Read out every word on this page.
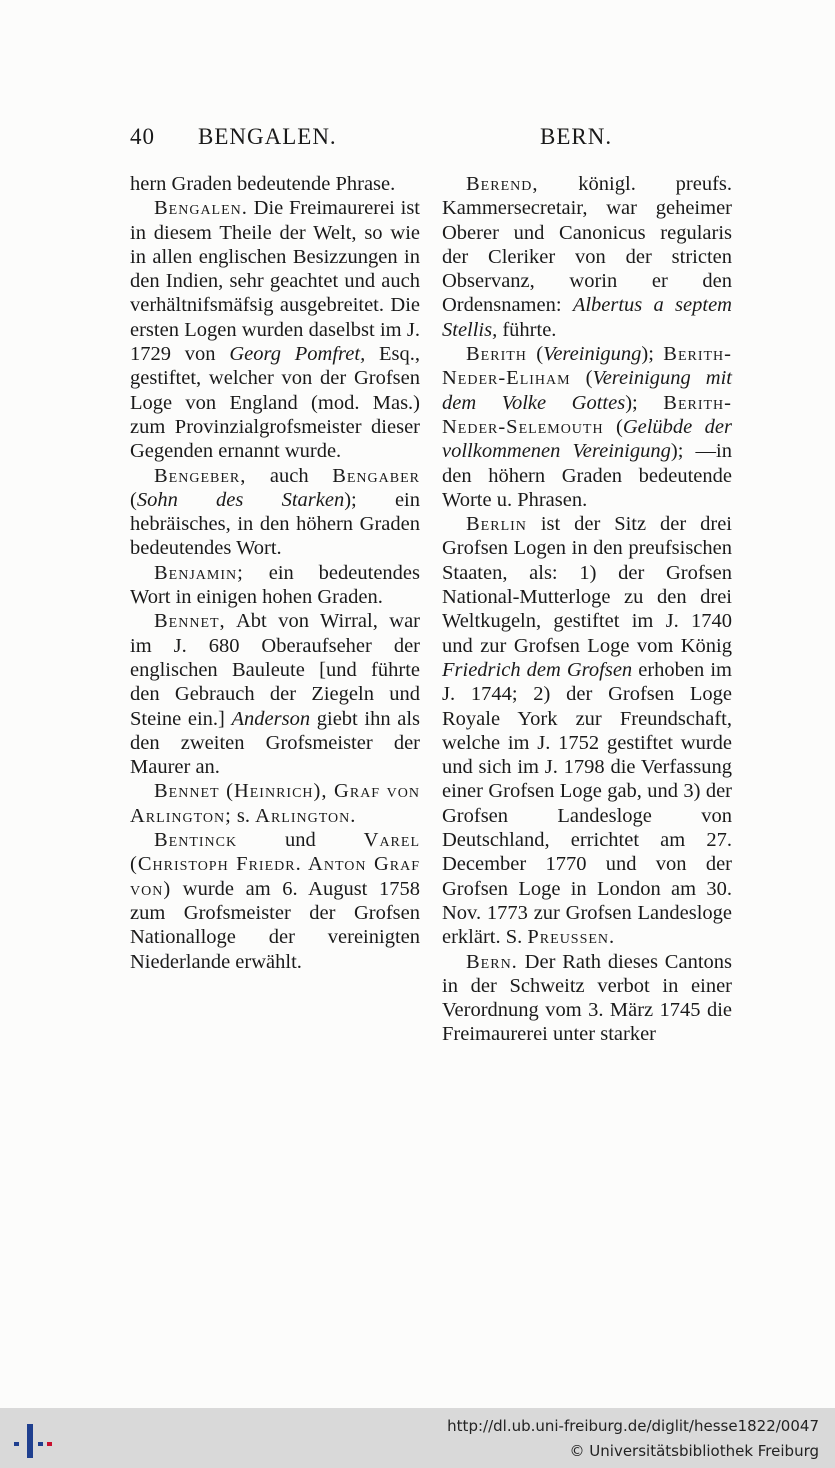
40 BENGALEN.	BERN.

hern Graden bedeutende Phrase.

Bengalen. Die Freimaurerei ist in diesem Theile der Welt, so wie in allen englischen Besizzungen in den Indien, sehr geachtet und auch verhältnifsmäfsig ausgebreitet. Die ersten Logen wurden daselbst im J. 1729 von Georg Pomfret, Esq., gestiftet, welcher von der Grofsen Loge von England (mod. Mas.) zum Provinzialgrofsmeister dieser Gegenden ernannt wurde.

Bengeber, auch Bengaber (Sohn des Starken); ein hebräisches, in den höhern Graden bedeutendes Wort.

Benjamin; ein bedeutendes Wort in einigen hohen Graden.

Bennet, Abt von Wirral, war im J. 680 Oberaufseher der englischen Bauleute [und führte den Gebrauch der Ziegeln und Steine ein.] Anderson giebt ihn als den zweiten Grofsmeister der Maurer an.

Bennet (Heinrich), Graf von Arlington; s. Arlington.

Bentinck und Varel (Christoph Friedr. Anton Graf von) wurde am 6. August 1758 zum Grofsmeister der Grofsen Nationalloge der vereinigten Niederlande erwählt.

Berend, königl. preufs. Kammersecretair, war geheimer Oberer und Canonicus regularis der Cleriker von der stricten Observanz, worin er den Ordensnamen: Albertus a septem Stellis, führte.

Berith (Vereinigung); Berith-Neder-Eliham (Vereinigung mit dem Volke Gottes); Berith-Neder-Selemouth (Gelübde der vollkommenen Vereinigung); —in den höhern Graden bedeutende Worte u. Phrasen.

Berlin ist der Sitz der drei Grofsen Logen in den preufsischen Staaten, als: 1) der Grofsen National-Mutterloge zu den drei Weltkugeln, gestiftet im J. 1740 und zur Grofsen Loge vom König Friedrich dem Grofsen erhoben im J. 1744; 2) der Grofsen Loge Royale York zur Freundschaft, welche im J. 1752 gestiftet wurde und sich im J. 1798 die Verfassung einer Grofsen Loge gab, und 3) der Grofsen Landesloge von Deutschland, errichtet am 27. December 1770 und von der Grofsen Loge in London am 30. Nov. 1773 zur Grofsen Landesloge erklärt. S. Preussen.

Bern. Der Rath dieses Cantons in der Schweitz verbot in einer Verordnung vom 3. März 1745 die Freimaurerei unter starker

http://dl.ub.uni-freiburg.de/diglit/hesse1822/0047
© Universitätsbibliothek Freiburg
